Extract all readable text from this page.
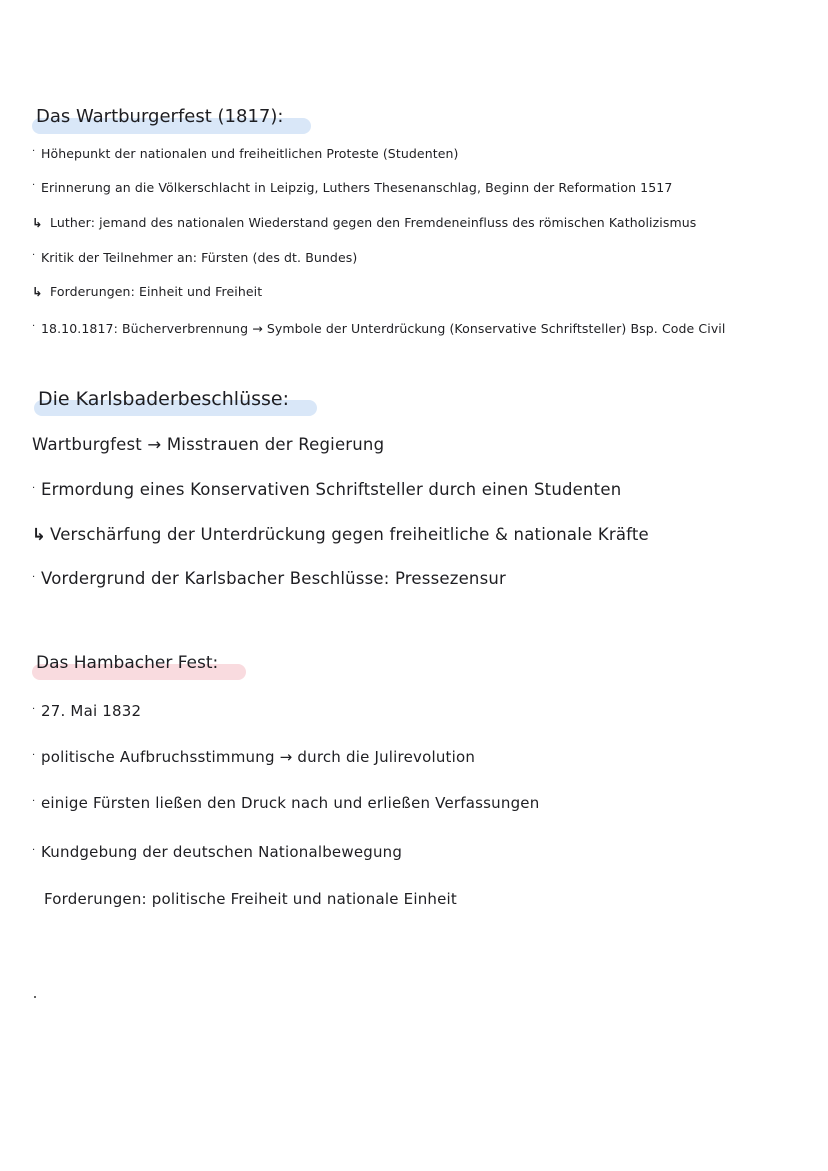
Das Wartburgerfest (1817):
· Höhepunkt der nationalen und freiheitlichen Proteste (Studenten)
· Erinnerung an die Völkerschlacht in Leipzig, Luthers Thesenanschlag, Beginn der Reformation 1517
↳ Luther: jemand des nationalen Wiederstand gegen den Fremdeneinfluss des römischen Katholizismus
· Kritik der Teilnehmer an: Fürsten (des dt. Bundes)
↳ Forderungen: Einheit und Freiheit
· 18.10.1817: Bücherverbrennung → Symbole der Unterdrückung (Konservative Schriftsteller) Bsp. Code Civil
Die Karlsbaderbeschlüsse:
Wartburgfest → Misstrauen der Regierung
· Ermordung eines Konservativen Schriftsteller durch einen Studenten
↳ Verschärfung der Unterdrückung gegen freiheitliche & nationale Kräfte
· Vordergrund der Karlsbacher Beschlüsse: Pressezensur
Das Hambacher Fest:
· 27. Mai 1832
· politische Aufbruchsstimmung → durch die Julirevolution
· einige Fürsten ließen den Druck nach und erließen Verfassungen
· Kundgebung der deutschen Nationalbewegung
Forderungen: politische Freiheit und nationale Einheit
